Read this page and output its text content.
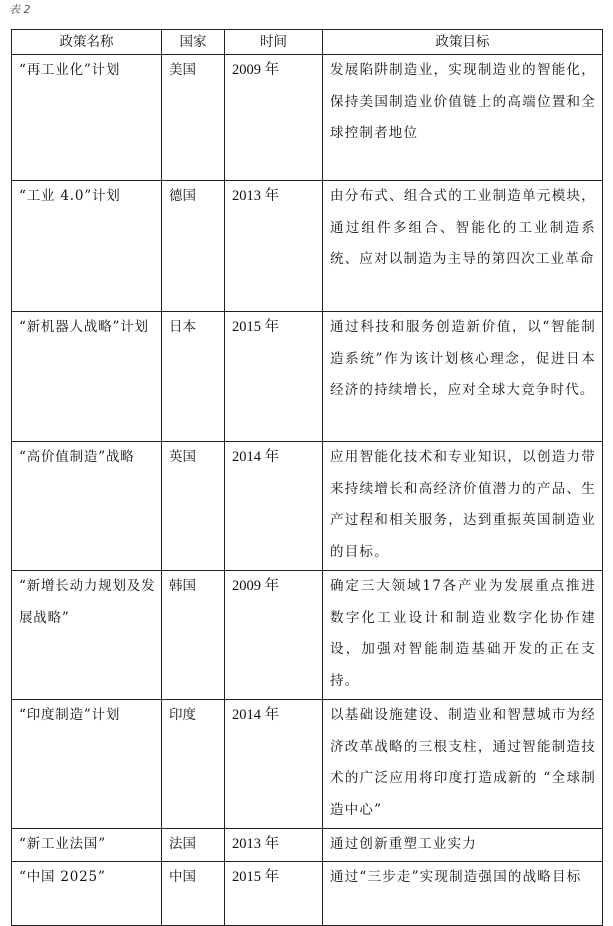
表 2
政策名称	国家	时间	政策目标
“再工业化”计划	美国	2009 年	发展陷阱制造业，实现制造业的智能化，保持美国制造业价值链上的高端位置和全球控制者地位
“工业 4.0”计划	德国	2013 年	由分布式、组合式的工业制造单元模块，通过组件多组合、智能化的工业制造系统、应对以制造为主导的第四次工业革命
“新机器人战略”计划	日本	2015 年	通过科技和服务创造新价值，以“智能制造系统”作为该计划核心理念，促进日本经济的持续增长，应对全球大竞争时代。
“高价值制造”战略	英国	2014 年	应用智能化技术和专业知识，以创造力带来持续增长和高经济价值潜力的产品、生产过程和相关服务，达到重振英国制造业的目标。
“新增长动力规划及发展战略”	韩国	2009 年	确定三大领域17各产业为发展重点推进数字化工业设计和制造业数字化协作建设，加强对智能制造基础开发的正在支持。
“印度制造”计划	印度	2014 年	以基础设施建设、制造业和智慧城市为经济改革战略的三根支柱，通过智能制造技术的广泛应用将印度打造成新的 “全球制造中心”
“新工业法国”	法国	2013 年	通过创新重塑工业实力
“中国 2025”	中国	2015 年	通过“三步走”实现制造强国的战略目标
